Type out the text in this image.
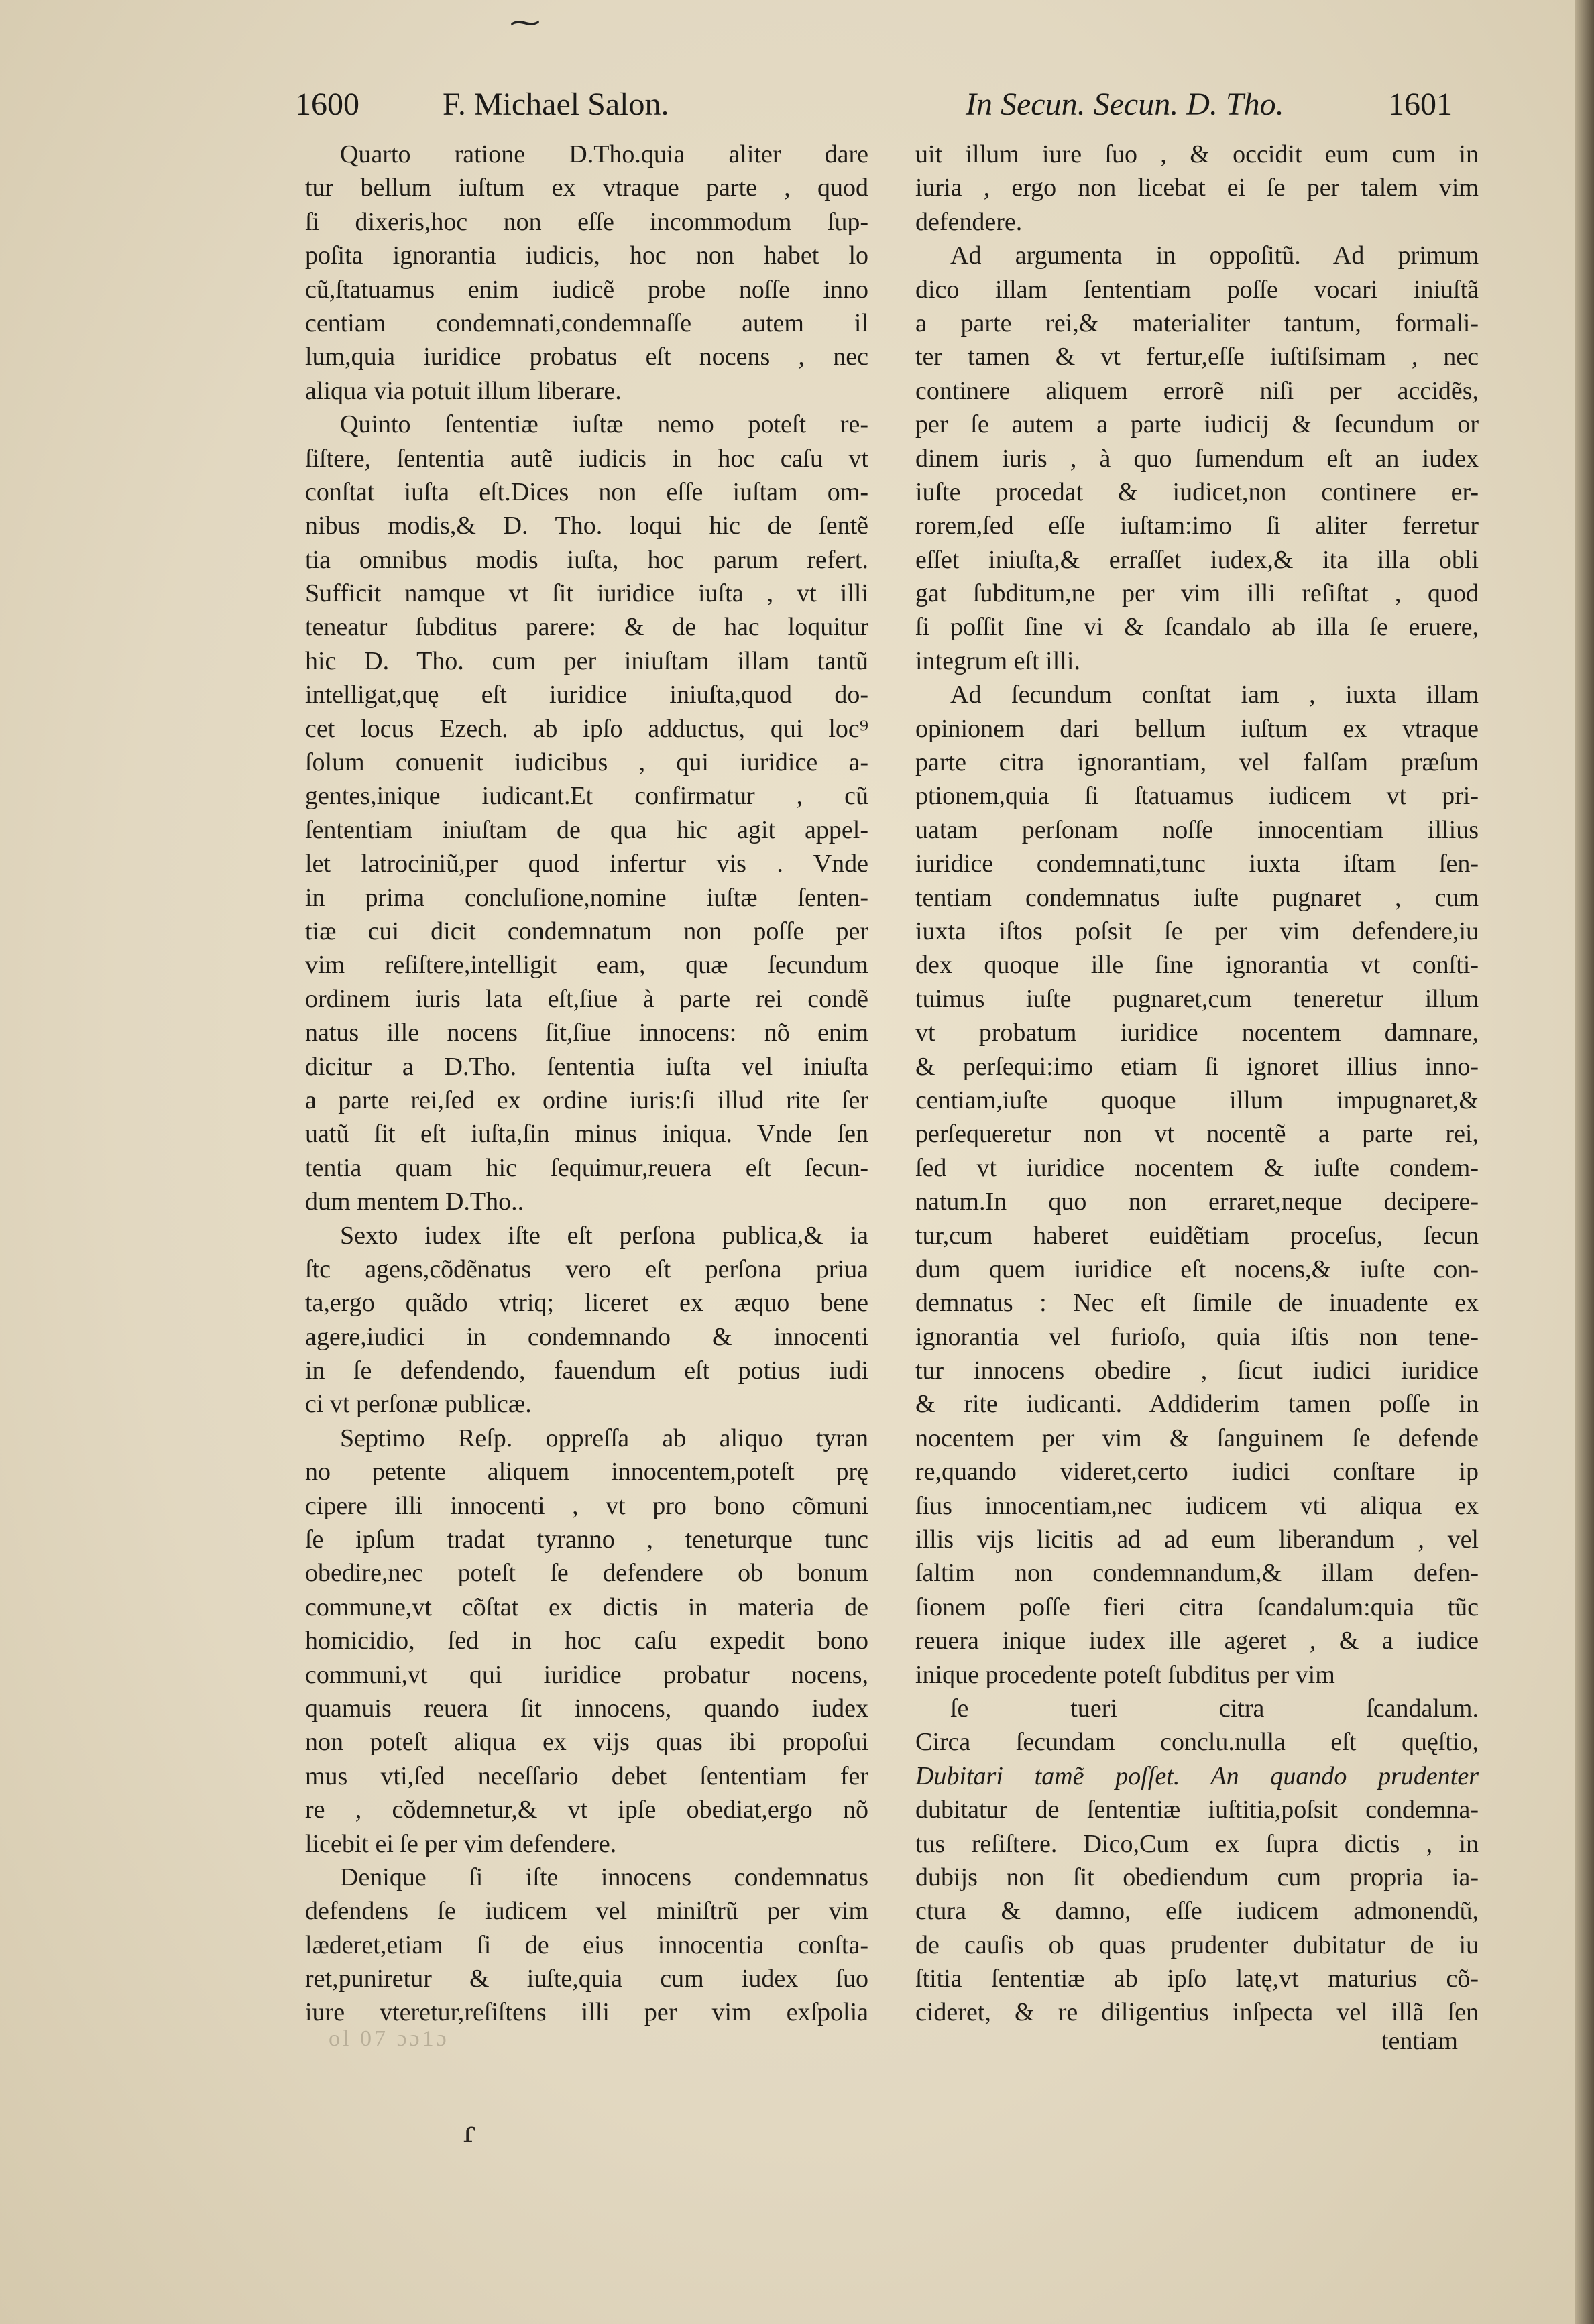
⁓
1600	F. Michael Salon.	In Secun. Secun. D. Tho.	1601
Quarto ratione D.Tho.quia aliter dare
tur bellum iuſtum ex vtraque parte , quod
ſi dixeris,hoc non eſſe incommodum ſup-
poſita ignorantia iudicis, hoc non habet lo
cũ,ſtatuamus enim iudicẽ probe noſſe inno
centiam condemnati,condemnaſſe autem il
lum,quia iuridice probatus eſt nocens , nec
aliqua via potuit illum liberare.
Quinto ſententiæ iuſtæ nemo poteſt re-
ſiſtere, ſententia autẽ iudicis in hoc caſu vt
conſtat iuſta eſt.Dices non eſſe iuſtam om-
nibus modis,& D. Tho. loqui hic de ſentẽ
tia omnibus modis iuſta, hoc parum refert.
Sufficit namque vt ſit iuridice iuſta , vt illi
teneatur ſubditus parere: & de hac loquitur
hic D. Tho. cum per iniuſtam illam tantũ
intelligat,quę eſt iuridice iniuſta,quod do-
cet locus Ezech. ab ipſo adductus, qui loc⁹
ſolum conuenit iudicibus , qui iuridice a-
gentes,inique iudicant.Et confirmatur , cũ
ſententiam iniuſtam de qua hic agit appel-
let latrociniũ,per quod infertur vis . Vnde
in prima concluſione,nomine iuſtæ ſenten-
tiæ cui dicit condemnatum non poſſe per
vim reſiſtere,intelligit eam, quæ ſecundum
ordinem iuris lata eſt,ſiue à parte rei condẽ
natus ille nocens ſit,ſiue innocens: nõ enim
dicitur a D.Tho. ſententia iuſta vel iniuſta
a parte rei,ſed ex ordine iuris:ſi illud rite ſer
uatũ ſit eſt iuſta,ſin minus iniqua. Vnde ſen
tentia quam hic ſequimur,reuera eſt ſecun-
dum mentem D.Tho..
Sexto iudex iſte eſt perſona publica,& ia
ſtc agens,cõdẽnatus vero eſt perſona priua
ta,ergo quãdo vtriq; liceret ex æquo bene
agere,iudici in condemnando & innocenti
in ſe defendendo, fauendum eſt potius iudi
ci vt perſonæ publicæ.
Septimo Reſp. oppreſſa ab aliquo tyran
no petente aliquem innocentem,poteſt prę
cipere illi innocenti , vt pro bono cõmuni
ſe ipſum tradat tyranno , teneturque tunc
obedire,nec poteſt ſe defendere ob bonum
commune,vt cõſtat ex dictis in materia de
homicidio, ſed in hoc caſu expedit bono
communi,vt qui iuridice probatur nocens,
quamuis reuera ſit innocens, quando iudex
non poteſt aliqua ex vijs quas ibi propoſui
mus vti,ſed neceſſario debet ſententiam fer
re , cõdemnetur,& vt ipſe obediat,ergo nõ
licebit ei ſe per vim defendere.
Denique ſi iſte innocens condemnatus
defendens ſe iudicem vel miniſtrũ per vim
læderet,etiam ſi de eius innocentia conſta-
ret,puniretur & iuſte,quia cum iudex ſuo
iure vteretur,reſiſtens illi per vim exſpolia
uit illum iure ſuo , & occidit eum cum in
iuria , ergo non licebat ei ſe per talem vim
defendere.
Ad argumenta in oppoſitũ. Ad primum
dico illam ſententiam poſſe vocari iniuſtã
a parte rei,& materialiter tantum, formali-
ter tamen & vt fertur,eſſe iuſtiſsimam , nec
continere aliquem errorẽ niſi per accidẽs,
per ſe autem a parte iudicij & ſecundum or
dinem iuris , à quo ſumendum eſt an iudex
iuſte procedat & iudicet,non continere er-
rorem,ſed eſſe iuſtam:imo ſi aliter ferretur
eſſet iniuſta,& erraſſet iudex,& ita illa obli
gat ſubditum,ne per vim illi reſiſtat , quod
ſi poſſit ſine vi & ſcandalo ab illa ſe eruere,
integrum eſt illi.
Ad ſecundum conſtat iam , iuxta illam
opinionem dari bellum iuſtum ex vtraque
parte citra ignorantiam, vel falſam præſum
ptionem,quia ſi ſtatuamus iudicem vt pri-
uatam perſonam noſſe innocentiam illius
iuridice condemnati,tunc iuxta iſtam ſen-
tentiam condemnatus iuſte pugnaret , cum
iuxta iſtos poſsit ſe per vim defendere,iu
dex quoque ille ſine ignorantia vt conſti-
tuimus iuſte pugnaret,cum teneretur illum
vt probatum iuridice nocentem damnare,
& perſequi:imo etiam ſi ignoret illius inno-
centiam,iuſte quoque illum impugnaret,&
perſequeretur non vt nocentẽ a parte rei,
ſed vt iuridice nocentem & iuſte condem-
natum.In quo non erraret,neque decipere-
tur,cum haberet euidẽtiam proceſus, ſecun
dum quem iuridice eſt nocens,& iuſte con-
demnatus : Nec eſt ſimile de inuadente ex
ignorantia vel furioſo, quia iſtis non tene-
tur innocens obedire , ſicut iudici iuridice
& rite iudicanti. Addiderim tamen poſſe in
nocentem per vim & ſanguinem ſe defende
re,quando videret,certo iudici conſtare ip
ſius innocentiam,nec iudicem vti aliqua ex
illis vijs licitis ad ad eum liberandum , vel
ſaltim non condemnandum,& illam defen-
ſionem poſſe fieri citra ſcandalum:quia tũc
reuera inique iudex ille ageret , & a iudice
inique procedente poteſt ſubditus per vim
ſe tueri citra ſcandalum.
Circa ſecundam conclu.nulla eſt quęſtio,
Dubitari tamẽ poſſet. An quando prudenter
dubitatur de ſententiæ iuſtitia,poſsit condemna-
tus reſiſtere. Dico,Cum ex ſupra dictis , in
dubijs non ſit obediendum cum propria ia-
ctura & damno, eſſe iudicem admonendũ,
de cauſis ob quas prudenter dubitatur de iu
ſtitia ſententiæ ab ipſo latę,vt maturius cõ-
cideret, & re diligentius inſpecta vel illã ſen
ol 07 ɔɔ1ɔ	tentiam
ɾ
